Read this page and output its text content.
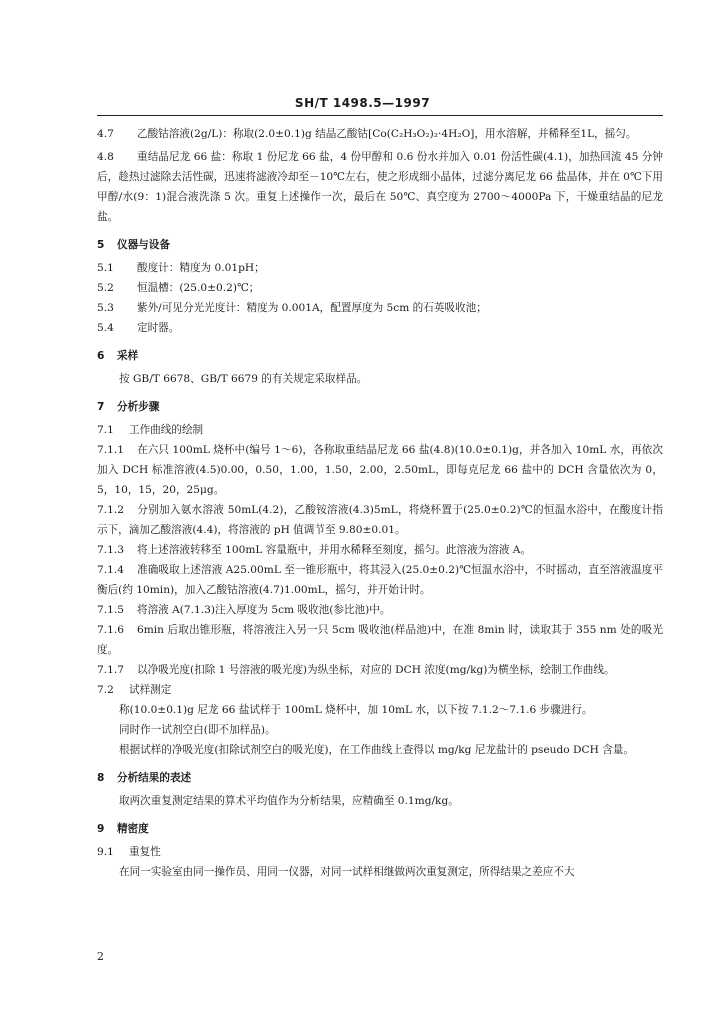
SH/T 1498.5—1997

4.7 乙酸钴溶液(2g/L)：称取(2.0±0.1)g 结晶乙酸钴[Co(C₂H₃O₂)₂·4H₂O]，用水溶解，并稀释至1L，摇匀。

4.8 重结晶尼龙 66 盐：称取 1 份尼龙 66 盐，4 份甲醇和 0.6 份水并加入 0.01 份活性碳(4.1)，加热回流 45 分钟后，趁热过滤除去活性碳，迅速将滤液冷却至－10℃左右，使之形成细小晶体，过滤分离尼龙 66 盐晶体，并在 0℃下用甲醇/水(9：1)混合液洗涤 5 次。重复上述操作一次，最后在 50℃、真空度为 2700～4000Pa 下，干燥重结晶的尼龙盐。

5 仪器与设备

5.1 酸度计：精度为 0.01pH；

5.2 恒温槽：(25.0±0.2)℃；

5.3 紫外/可见分光光度计：精度为 0.001A，配置厚度为 5cm 的石英吸收池；

5.4 定时器。

6 采样

按 GB/T 6678、GB/T 6679 的有关规定采取样品。

7 分析步骤

7.1 工作曲线的绘制

7.1.1 在六只 100mL 烧杯中(编号 1～6)，各称取重结晶尼龙 66 盐(4.8)(10.0±0.1)g，并各加入 10mL 水，再依次加入 DCH 标准溶液(4.5)0.00，0.50，1.00，1.50，2.00，2.50mL，即每克尼龙 66 盐中的 DCH 含量依次为 0，5，10，15，20，25μg。

7.1.2 分别加入氨水溶液 50mL(4.2)，乙酸铵溶液(4.3)5mL，将烧杯置于(25.0±0.2)℃的恒温水浴中，在酸度计指示下，滴加乙酸溶液(4.4)，将溶液的 pH 值调节至 9.80±0.01。

7.1.3 将上述溶液转移至 100mL 容量瓶中，并用水稀释至刻度，摇匀。此溶液为溶液 A。

7.1.4 准确吸取上述溶液 A25.00mL 至一锥形瓶中，将其浸入(25.0±0.2)℃恒温水浴中，不时摇动，直至溶液温度平衡后(约 10min)，加入乙酸钴溶液(4.7)1.00mL，摇匀，并开始计时。

7.1.5 将溶液 A(7.1.3)注入厚度为 5cm 吸收池(参比池)中。

7.1.6 6min 后取出锥形瓶，将溶液注入另一只 5cm 吸收池(样品池)中，在准 8min 时，读取其于 355 nm 处的吸光度。

7.1.7 以净吸光度(扣除 1 号溶液的吸光度)为纵坐标，对应的 DCH 浓度(mg/kg)为横坐标，绘制工作曲线。

7.2 试样测定

称(10.0±0.1)g 尼龙 66 盐试样于 100mL 烧杯中，加 10mL 水，以下按 7.1.2～7.1.6 步骤进行。

同时作一试剂空白(即不加样品)。

根据试样的净吸光度(扣除试剂空白的吸光度)，在工作曲线上查得以 mg/kg 尼龙盐计的 pseudo DCH 含量。

8 分析结果的表述

取两次重复测定结果的算术平均值作为分析结果，应精确至 0.1mg/kg。

9 精密度

9.1 重复性

在同一实验室由同一操作员、用同一仪器，对同一试样相继做两次重复测定，所得结果之差应不大

2
